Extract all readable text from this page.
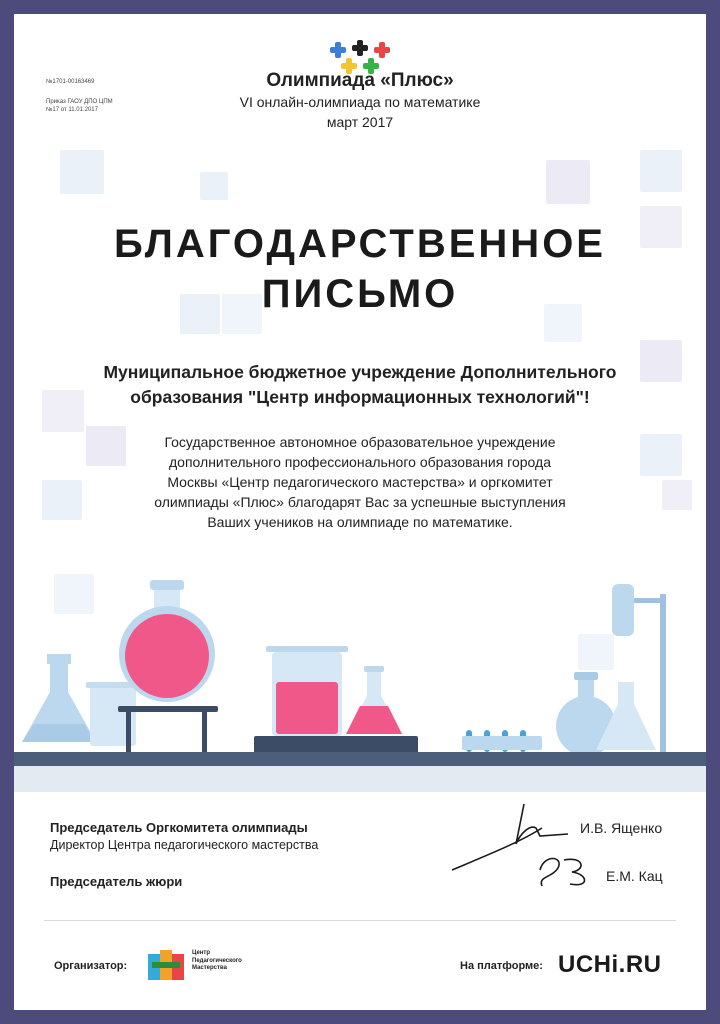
№1701-00163469
Приказ ГАОУ ДПО ЦПМ
№17 от 11.01.2017
Олимпиада «Плюс»
VI онлайн-олимпиада по математике
март 2017
БЛАГОДАРСТВЕННОЕ
ПИСЬМО
Муниципальное бюджетное учреждение Дополнительного
образования "Центр информационных технологий"!
Государственное автономное образовательное учреждение
дополнительного профессионального образования города
Москвы «Центр педагогического мастерства» и оргкомитет
олимпиады «Плюс» благодарят Вас за успешные выступления
Ваших учеников на олимпиаде по математике.
Председатель Оргкомитета олимпиады
Директор Центра педагогического мастерства
Председатель жюри
И.В. Ященко
Е.М. Кац
Организатор:
Центр
Педагогического
Мастерства	На платформе: UCHi.RU
